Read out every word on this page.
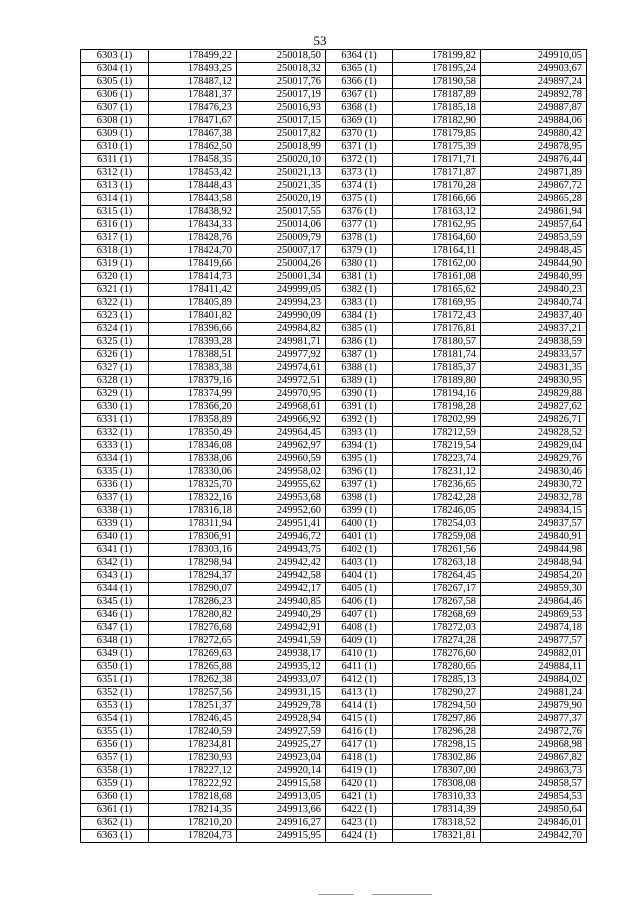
53
6303 (1)	178499,22	250018,50	6364 (1)	178199,82	249910,05
6304 (1)	178493,25	250018,32	6365 (1)	178195,24	249903,67
6305 (1)	178487,12	250017,76	6366 (1)	178190,58	249897,24
6306 (1)	178481,37	250017,19	6367 (1)	178187,89	249892,78
6307 (1)	178476,23	250016,93	6368 (1)	178185,18	249887,87
6308 (1)	178471,67	250017,15	6369 (1)	178182,90	249884,06
6309 (1)	178467,38	250017,82	6370 (1)	178179,85	249880,42
6310 (1)	178462,50	250018,99	6371 (1)	178175,39	249878,95
6311 (1)	178458,35	250020,10	6372 (1)	178171,71	249876,44
6312 (1)	178453,42	250021,13	6373 (1)	178171,87	249871,89
6313 (1)	178448,43	250021,35	6374 (1)	178170,28	249867,72
6314 (1)	178443,58	250020,19	6375 (1)	178166,66	249865,28
6315 (1)	178438,92	250017,55	6376 (1)	178163,12	249861,94
6316 (1)	178434,33	250014,06	6377 (1)	178162,95	249857,64
6317 (1)	178428,76	250009,79	6378 (1)	178164,60	249853,59
6318 (1)	178424,70	250007,17	6379 (1)	178164,11	249848,45
6319 (1)	178419,66	250004,26	6380 (1)	178162,00	249844,90
6320 (1)	178414,73	250001,34	6381 (1)	178161,08	249840,99
6321 (1)	178411,42	249999,05	6382 (1)	178165,62	249840,23
6322 (1)	178405,89	249994,23	6383 (1)	178169,95	249840,74
6323 (1)	178401,82	249990,09	6384 (1)	178172,43	249837,40
6324 (1)	178396,66	249984,82	6385 (1)	178176,81	249837,21
6325 (1)	178393,28	249981,71	6386 (1)	178180,57	249838,59
6326 (1)	178388,51	249977,92	6387 (1)	178181,74	249833,57
6327 (1)	178383,38	249974,61	6388 (1)	178185,37	249831,35
6328 (1)	178379,16	249972,51	6389 (1)	178189,80	249830,95
6329 (1)	178374,99	249970,95	6390 (1)	178194,16	249829,88
6330 (1)	178366,20	249968,61	6391 (1)	178198,28	249827,62
6331 (1)	178358,89	249966,92	6392 (1)	178202,99	249826,71
6332 (1)	178350,49	249964,45	6393 (1)	178212,59	249828,52
6333 (1)	178346,08	249962,97	6394 (1)	178219,54	249829,04
6334 (1)	178338,06	249960,59	6395 (1)	178223,74	249829,76
6335 (1)	178330,06	249958,02	6396 (1)	178231,12	249830,46
6336 (1)	178325,70	249955,62	6397 (1)	178236,65	249830,72
6337 (1)	178322,16	249953,68	6398 (1)	178242,28	249832,78
6338 (1)	178316,18	249952,60	6399 (1)	178246,05	249834,15
6339 (1)	178311,94	249951,41	6400 (1)	178254,03	249837,57
6340 (1)	178306,91	249946,72	6401 (1)	178259,08	249840,91
6341 (1)	178303,16	249943,75	6402 (1)	178261,56	249844,98
6342 (1)	178298,94	249942,42	6403 (1)	178263,18	249848,94
6343 (1)	178294,37	249942,58	6404 (1)	178264,45	249854,20
6344 (1)	178290,07	249942,17	6405 (1)	178267,17	249859,30
6345 (1)	178286,23	249940,85	6406 (1)	178267,58	249864,46
6346 (1)	178280,82	249940,29	6407 (1)	178268,69	249869,53
6347 (1)	178276,68	249942,91	6408 (1)	178272,03	249874,18
6348 (1)	178272,65	249941,59	6409 (1)	178274,28	249877,57
6349 (1)	178269,63	249938,17	6410 (1)	178276,60	249882,01
6350 (1)	178265,88	249935,12	6411 (1)	178280,65	249884,11
6351 (1)	178262,38	249933,07	6412 (1)	178285,13	249884,02
6352 (1)	178257,56	249931,15	6413 (1)	178290,27	249881,24
6353 (1)	178251,37	249929,78	6414 (1)	178294,50	249879,90
6354 (1)	178246,45	249928,94	6415 (1)	178297,86	249877,37
6355 (1)	178240,59	249927,59	6416 (1)	178296,28	249872,76
6356 (1)	178234,81	249925,27	6417 (1)	178298,15	249868,98
6357 (1)	178230,93	249923,04	6418 (1)	178302,86	249867,82
6358 (1)	178227,12	249920,14	6419 (1)	178307,00	249863,73
6359 (1)	178222,92	249915,58	6420 (1)	178308,08	249858,57
6360 (1)	178218,68	249913,05	6421 (1)	178310,33	249854,53
6361 (1)	178214,35	249913,66	6422 (1)	178314,39	249850,64
6362 (1)	178210,20	249916,27	6423 (1)	178318,52	249846,01
6363 (1)	178204,73	249915,95	6424 (1)	178321,81	249842,70
